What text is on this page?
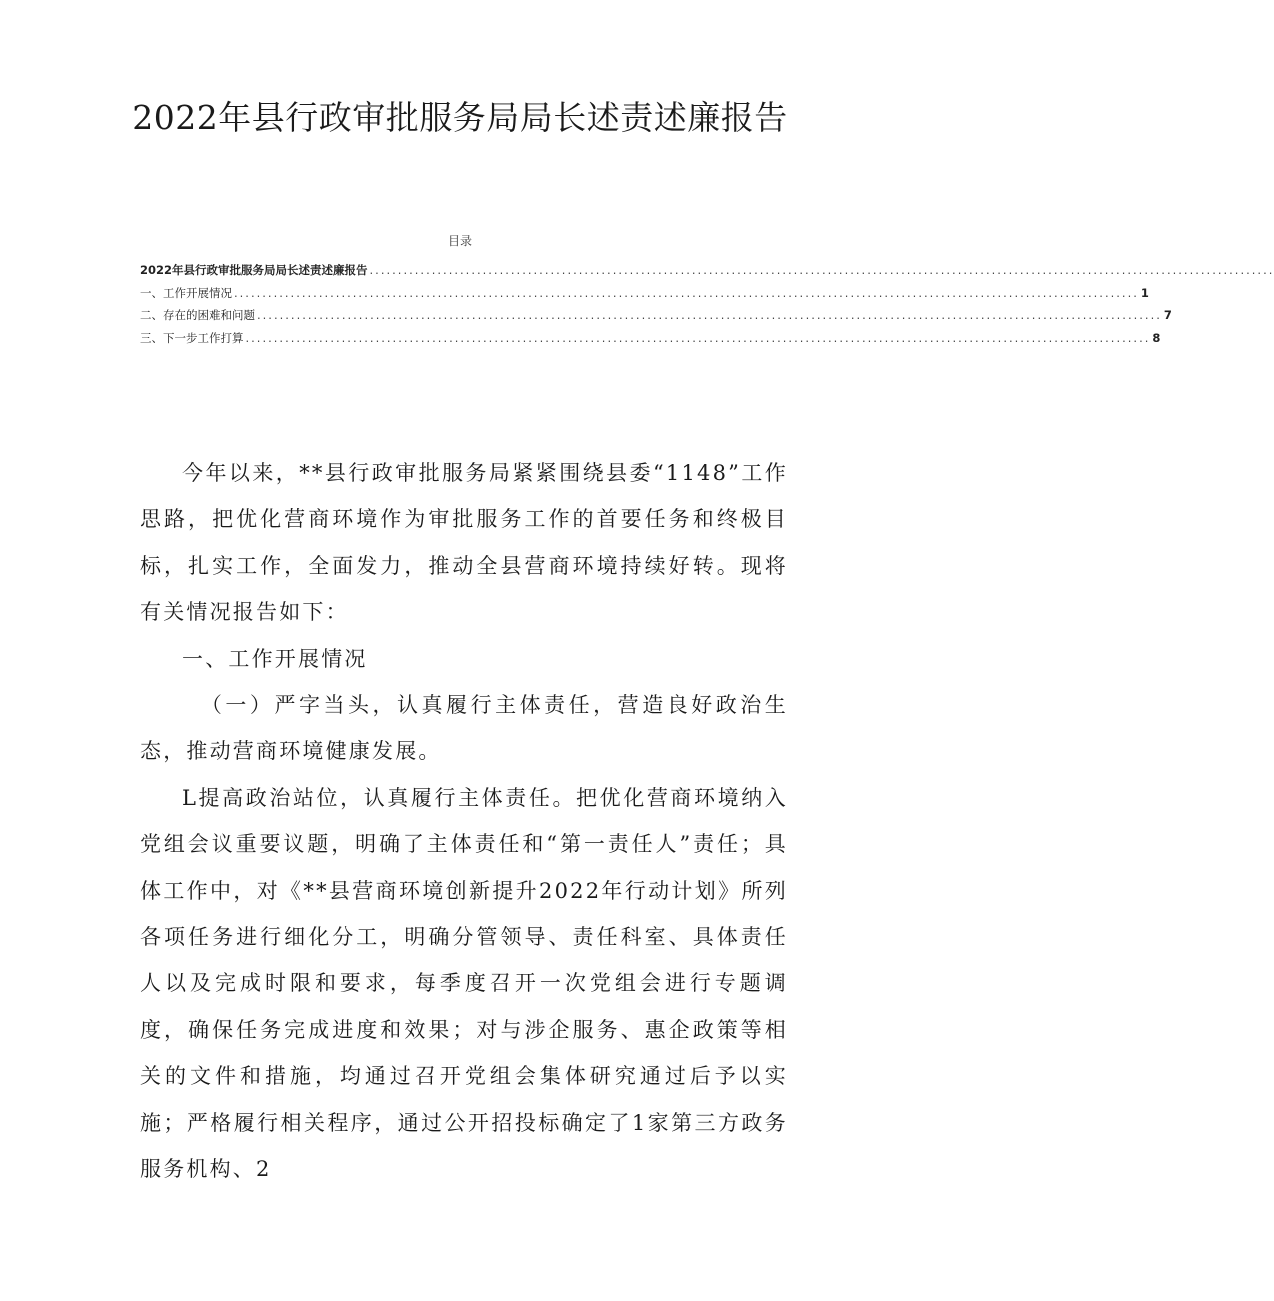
2022年县行政审批服务局局长述责述廉报告
目录
2022年县行政审批服务局局长述责述廉报告 ................................................................................................................................................................
一、工作开展情况 ................................................................................................................................................................ 1
二、存在的困难和问题 ................................................................................................................................................................ 7
三、下一步工作打算 ................................................................................................................................................................ 8

今年以来，**县行政审批服务局紧紧围绕县委“1148”工作思路，把优化营商环境作为审批服务工作的首要任务和终极目标，扎实工作，全面发力，推动全县营商环境持续好转。现将有关情况报告如下：

一、工作开展情况

（一）严字当头，认真履行主体责任，营造良好政治生态，推动营商环境健康发展。

L提高政治站位，认真履行主体责任。把优化营商环境纳入党组会议重要议题，明确了主体责任和“第一责任人”责任；具体工作中，对《**县营商环境创新提升2022年行动计划》所列各项任务进行细化分工，明确分管领导、责任科室、具体责任人以及完成时限和要求，每季度召开一次党组会进行专题调度，确保任务完成进度和效果；对与涉企服务、惠企政策等相关的文件和措施，均通过召开党组会集体研究通过后予以实施；严格履行相关程序，通过公开招投标确定了1家第三方政务服务机构、2
